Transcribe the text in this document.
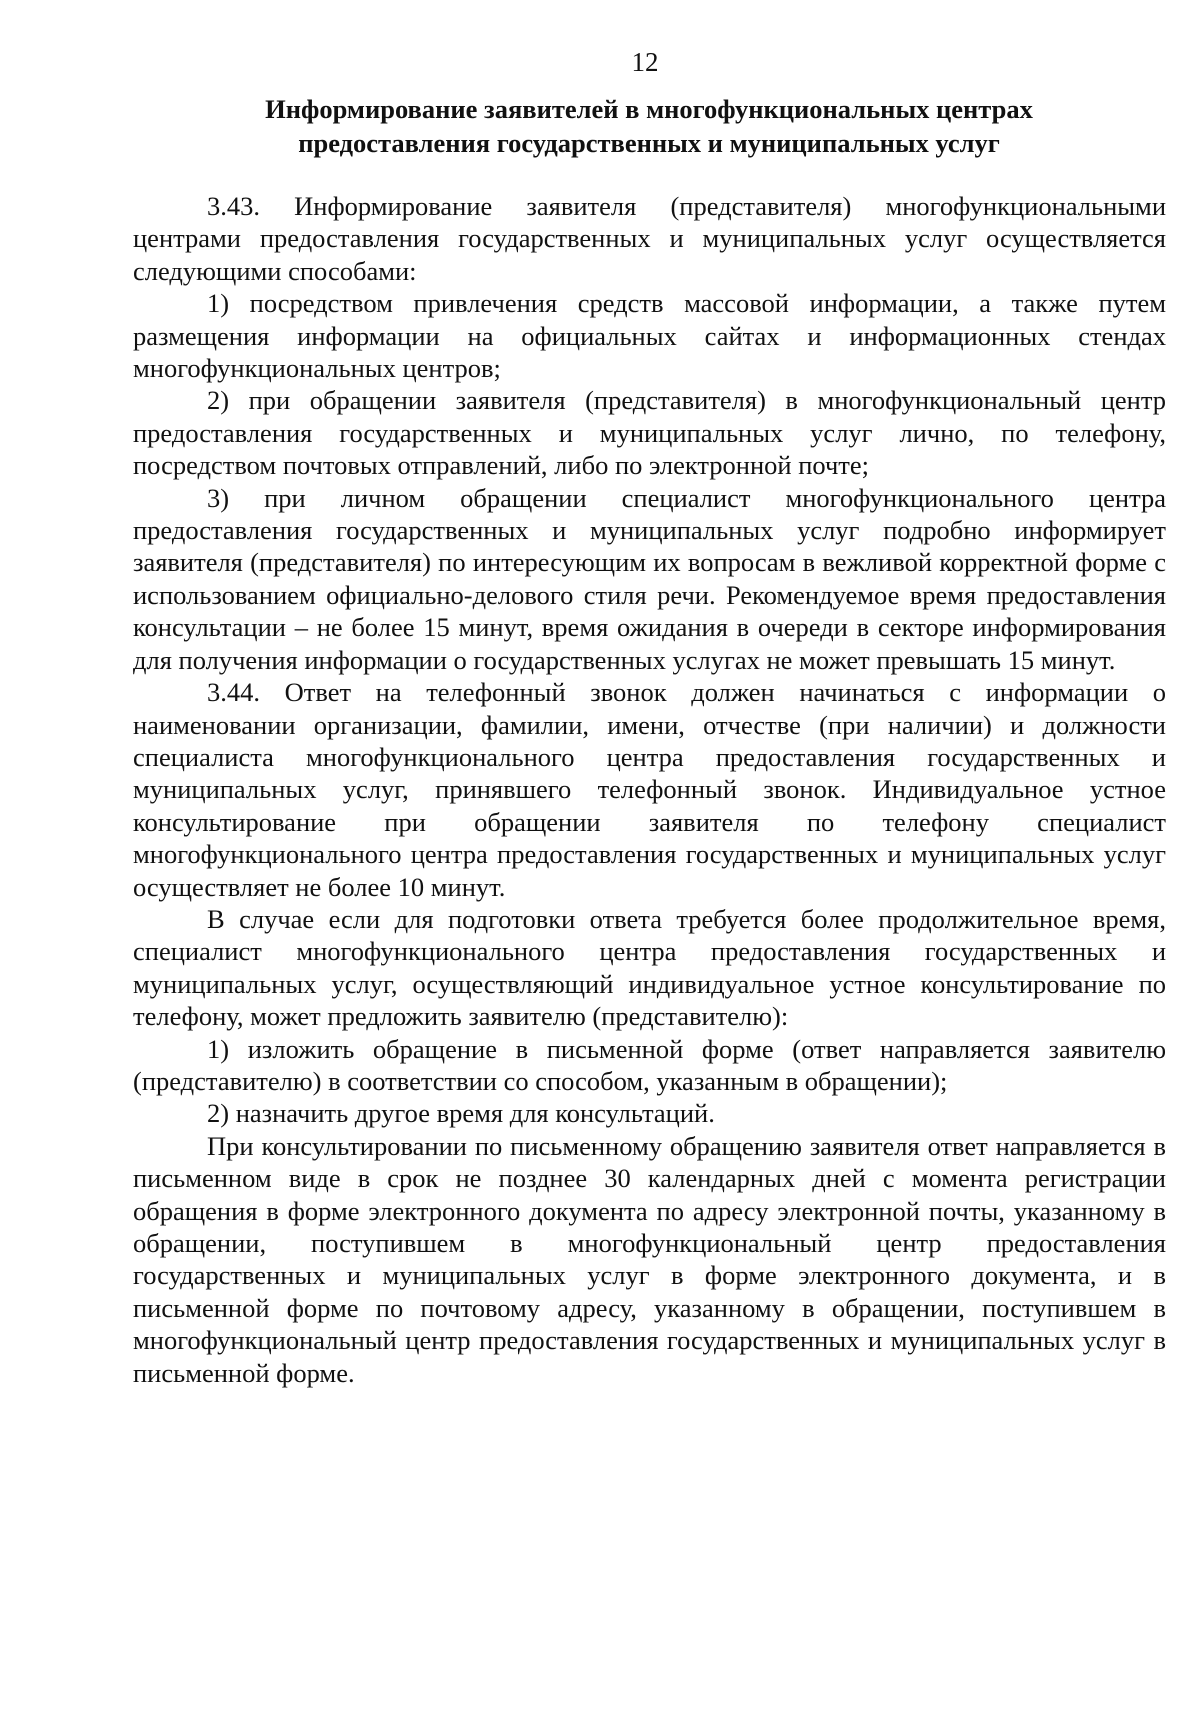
12
Информирование заявителей в многофункциональных центрах
предоставления государственных и муниципальных услуг

3.43. Информирование заявителя (представителя) многофункциональными центрами предоставления государственных и муниципальных услуг осуществляется следующими способами:

1) посредством привлечения средств массовой информации, а также путем размещения информации на официальных сайтах и информационных стендах многофункциональных центров;

2) при обращении заявителя (представителя) в многофункциональный центр предоставления государственных и муниципальных услуг лично, по телефону, посредством почтовых отправлений, либо по электронной почте;

3) при личном обращении специалист многофункционального центра предоставления государственных и муниципальных услуг подробно информирует заявителя (представителя) по интересующим их вопросам в вежливой корректной форме с использованием официально-делового стиля речи. Рекомендуемое время предоставления консультации – не более 15 минут, время ожидания в очереди в секторе информирования для получения информации о государственных услугах не может превышать 15 минут.

3.44. Ответ на телефонный звонок должен начинаться с информации о наименовании организации, фамилии, имени, отчестве (при наличии) и должности специалиста многофункционального центра предоставления государственных и муниципальных услуг, принявшего телефонный звонок. Индивидуальное устное консультирование при обращении заявителя по телефону специалист многофункционального центра предоставления государственных и муниципальных услуг осуществляет не более 10 минут.

В случае если для подготовки ответа требуется более продолжительное время, специалист многофункционального центра предоставления государственных и муниципальных услуг, осуществляющий индивидуальное устное консультирование по телефону, может предложить заявителю (представителю):

1) изложить обращение в письменной форме (ответ направляется заявителю (представителю) в соответствии со способом, указанным в обращении);

2) назначить другое время для консультаций.

При консультировании по письменному обращению заявителя ответ направляется в письменном виде в срок не позднее 30 календарных дней с момента регистрации обращения в форме электронного документа по адресу электронной почты, указанному в обращении, поступившем в многофункциональный центр предоставления государственных и муниципальных услуг в форме электронного документа, и в письменной форме по почтовому адресу, указанному в обращении, поступившем в многофункциональный центр предоставления государственных и муниципальных услуг в письменной форме.
